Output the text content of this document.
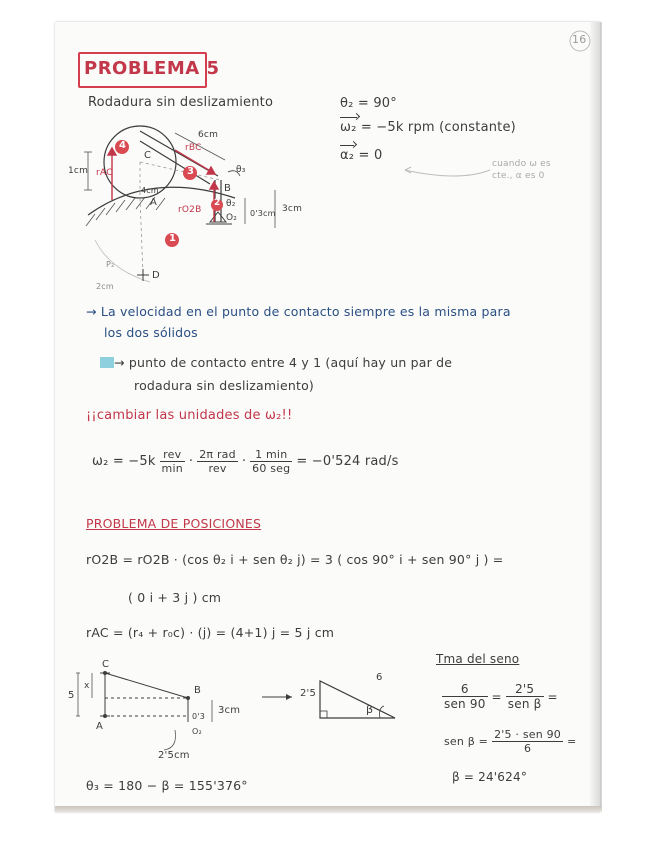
16
PROBLEMA 5
Rodadura sin deslizamiento	θ₂ = 90°
ω₂ = −5k rpm (constante)
α₂ = 0
cuando ω es cte., α es 0
4
3
2
1
1cm
6cm
rBC
rAC
rO2B
C
B
A
O₂
D
θ₃
θ₂
4cm
3cm
0'3cm
P₂
2cm
→ La velocidad en el punto de contacto siempre es la misma para
los dos sólidos
→ punto de contacto entre 4 y 1 (aquí hay un par de
rodadura sin deslizamiento)
¡¡cambiar las unidades de ω₂!!
$\omega_2 = -5k \frac{\text{rev}}{\min} \cdot \frac{\text{2π rad}}{\text{rev}} \cdot \frac{1 \min}{\text{60 seg}} = -0'524$ rad/s
PROBLEMA DE POSICIONES
rO2B = rO2B · (cos θ₂ i + sen θ₂ j) = 3 ( cos 90° i + sen 90° j ) =
( 0 i + 3 j ) cm
rAC = (r₄ + r₀c) · (j) = (4+1) j = 5 j cm
C
A
B
x
5
3cm
0'3
O₂
2'5cm
2'5
6
β
Tma del seno
$\frac{6}{\text{sen 90}} = \frac{2'5}{\text{sen β}}$ =
sen $\beta = \frac{\text{2'5 · sen 90}}{6}$ =
β = 24'624°
θ₃ = 180 − β = 155'376°
